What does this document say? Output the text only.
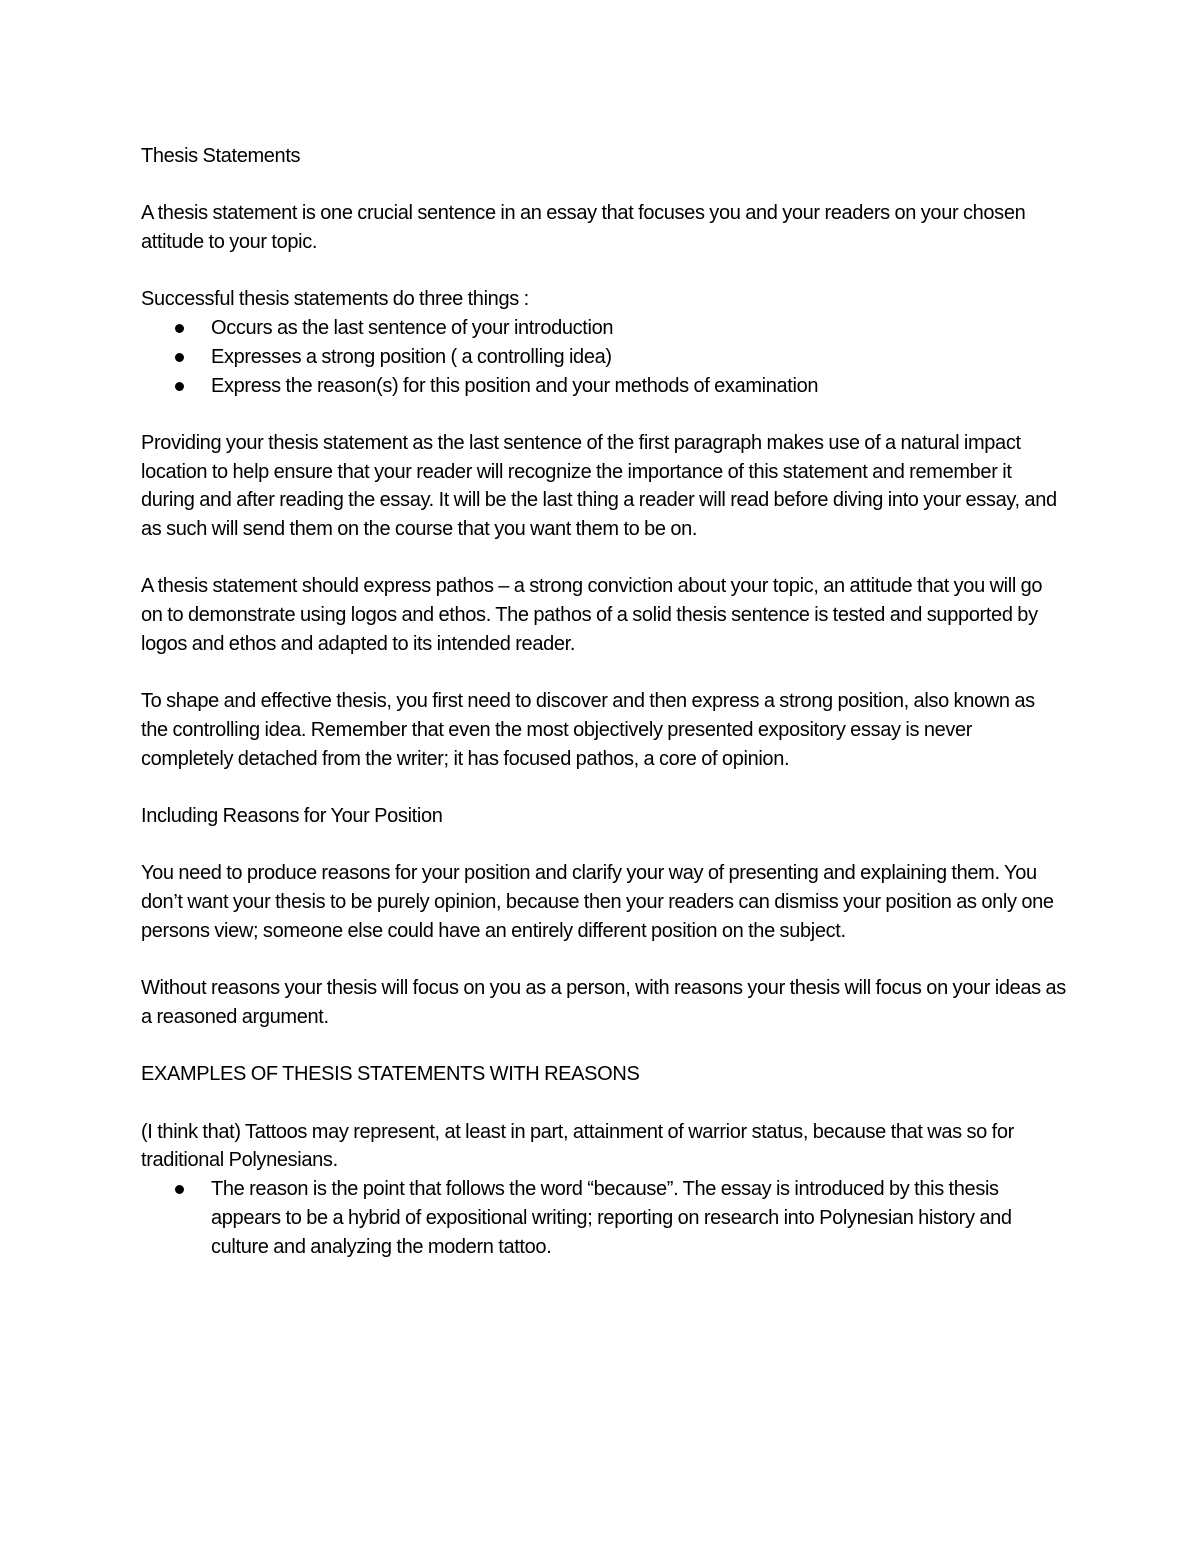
Thesis Statements

A thesis statement is one crucial sentence in an essay that focuses you and your readers on your chosen attitude to your topic.

Successful thesis statements do three things :

Occurs as the last sentence of your introduction
Expresses a strong position ( a controlling idea)
Express the reason(s) for this position and your methods of examination

Providing your thesis statement as the last sentence of the first paragraph makes use of a natural impact location to help ensure that your reader will recognize the importance of this statement and remember it during and after reading the essay. It will be the last thing a reader will read before diving into your essay, and as such will send them on the course that you want them to be on.

A thesis statement should express pathos – a strong conviction about your topic, an attitude that you will go on to demonstrate using logos and ethos. The pathos of a solid thesis sentence is tested and supported by logos and ethos and adapted to its intended reader.

To shape and effective thesis, you first need to discover and then express a strong position, also known as the controlling idea. Remember that even the most objectively presented expository essay is never completely detached from the writer; it has focused pathos, a core of opinion.

Including Reasons for Your Position

You need to produce reasons for your position and clarify your way of presenting and explaining them. You don’t want your thesis to be purely opinion, because then your readers can dismiss your position as only one persons view; someone else could have an entirely different position on the subject.

Without reasons your thesis will focus on you as a person, with reasons your thesis will focus on your ideas as a reasoned argument.

EXAMPLES OF THESIS STATEMENTS WITH REASONS

(I think that) Tattoos may represent, at least in part, attainment of warrior status, because that was so for traditional Polynesians.

The reason is the point that follows the word “because”. The essay is introduced by this thesis appears to be a hybrid of expositional writing; reporting on research into Polynesian history and culture and analyzing the modern tattoo.
